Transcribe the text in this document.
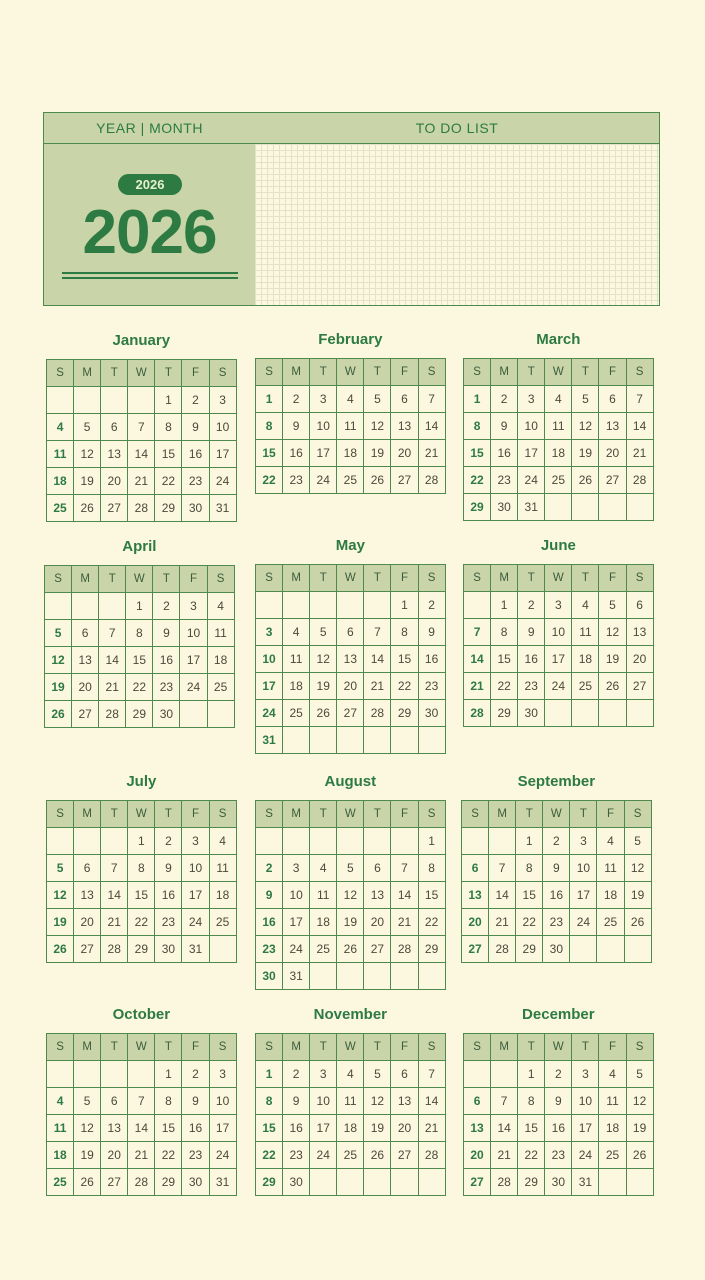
YEAR | MONTH
2026
2026
TO DO LIST
January
S	M	T	W	T	F	S
				1	2	3
4	5	6	7	8	9	10
11	12	13	14	15	16	17
18	19	20	21	22	23	24
25	26	27	28	29	30	31
February
S	M	T	W	T	F	S
1	2	3	4	5	6	7
8	9	10	11	12	13	14
15	16	17	18	19	20	21
22	23	24	25	26	27	28
March
S	M	T	W	T	F	S
1	2	3	4	5	6	7
8	9	10	11	12	13	14
15	16	17	18	19	20	21
22	23	24	25	26	27	28
29	30	31				
April
S	M	T	W	T	F	S
			1	2	3	4
5	6	7	8	9	10	11
12	13	14	15	16	17	18
19	20	21	22	23	24	25
26	27	28	29	30		
May
S	M	T	W	T	F	S
					1	2
3	4	5	6	7	8	9
10	11	12	13	14	15	16
17	18	19	20	21	22	23
24	25	26	27	28	29	30
31						
June
S	M	T	W	T	F	S
	1	2	3	4	5	6
7	8	9	10	11	12	13
14	15	16	17	18	19	20
21	22	23	24	25	26	27
28	29	30				
July
S	M	T	W	T	F	S
			1	2	3	4
5	6	7	8	9	10	11
12	13	14	15	16	17	18
19	20	21	22	23	24	25
26	27	28	29	30	31	
August
S	M	T	W	T	F	S
						1
2	3	4	5	6	7	8
9	10	11	12	13	14	15
16	17	18	19	20	21	22
23	24	25	26	27	28	29
30	31					
September
S	M	T	W	T	F	S
		1	2	3	4	5
6	7	8	9	10	11	12
13	14	15	16	17	18	19
20	21	22	23	24	25	26
27	28	29	30			
October
S	M	T	W	T	F	S
				1	2	3
4	5	6	7	8	9	10
11	12	13	14	15	16	17
18	19	20	21	22	23	24
25	26	27	28	29	30	31
November
S	M	T	W	T	F	S
1	2	3	4	5	6	7
8	9	10	11	12	13	14
15	16	17	18	19	20	21
22	23	24	25	26	27	28
29	30					
December
S	M	T	W	T	F	S
		1	2	3	4	5
6	7	8	9	10	11	12
13	14	15	16	17	18	19
20	21	22	23	24	25	26
27	28	29	30	31		
